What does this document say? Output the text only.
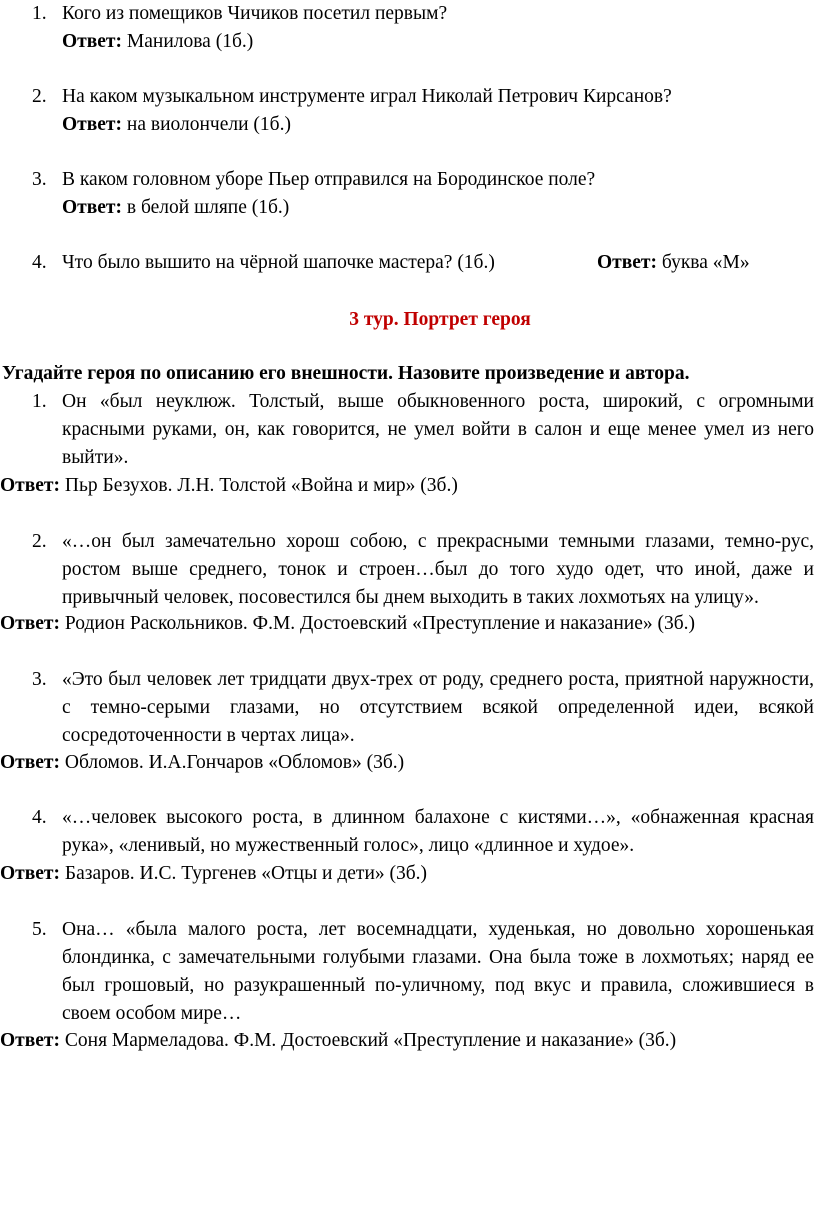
1. Кого из помещиков Чичиков посетил первым?
Ответ: Манилова (1б.)
2. На каком музыкальном инструменте играл Николай Петрович Кирсанов?
Ответ: на виолончели (1б.)
3. В каком головном уборе Пьер отправился на Бородинское поле?
Ответ: в белой шляпе (1б.)
4. Что было вышито на чёрной шапочке мастера? (1б.)	Ответ: буква «М»
3 тур. Портрет героя
Угадайте героя по описанию его внешности. Назовите произведение и автора.
1. Он «был неуклюж. Толстый, выше обыкновенного роста, широкий, с огромными красными руками, он, как говорится, не умел войти в салон и еще менее умел из него выйти».
Ответ: Пьр Безухов. Л.Н. Толстой «Война и мир» (3б.)
2. «…он был замечательно хорош собою, с прекрасными темными глазами, темно-рус, ростом выше среднего, тонок и строен…был до того худо одет, что иной, даже и привычный человек, посовестился бы днем выходить в таких лохмотьях на улицу».
Ответ: Родион Раскольников. Ф.М. Достоевский «Преступление и наказание» (3б.)
3. «Это был человек лет тридцати двух-трех от роду, среднего роста, приятной наружности, с темно-серыми глазами, но отсутствием всякой определенной идеи, всякой сосредоточенности в чертах лица».
Ответ: Обломов. И.А.Гончаров «Обломов» (3б.)
4. «…человек высокого роста, в длинном балахоне с кистями…», «обнаженная красная рука», «ленивый, но мужественный голос», лицо «длинное и худое».
Ответ: Базаров. И.С. Тургенев «Отцы и дети» (3б.)
5. Она… «была малого роста, лет восемнадцати, худенькая, но довольно хорошенькая блондинка, с замечательными голубыми глазами. Она была тоже в лохмотьях; наряд ее был грошовый, но разукрашенный по-уличному, под вкус и правила, сложившиеся в своем особом мире…
Ответ: Соня Мармеладова. Ф.М. Достоевский «Преступление и наказание» (3б.)
